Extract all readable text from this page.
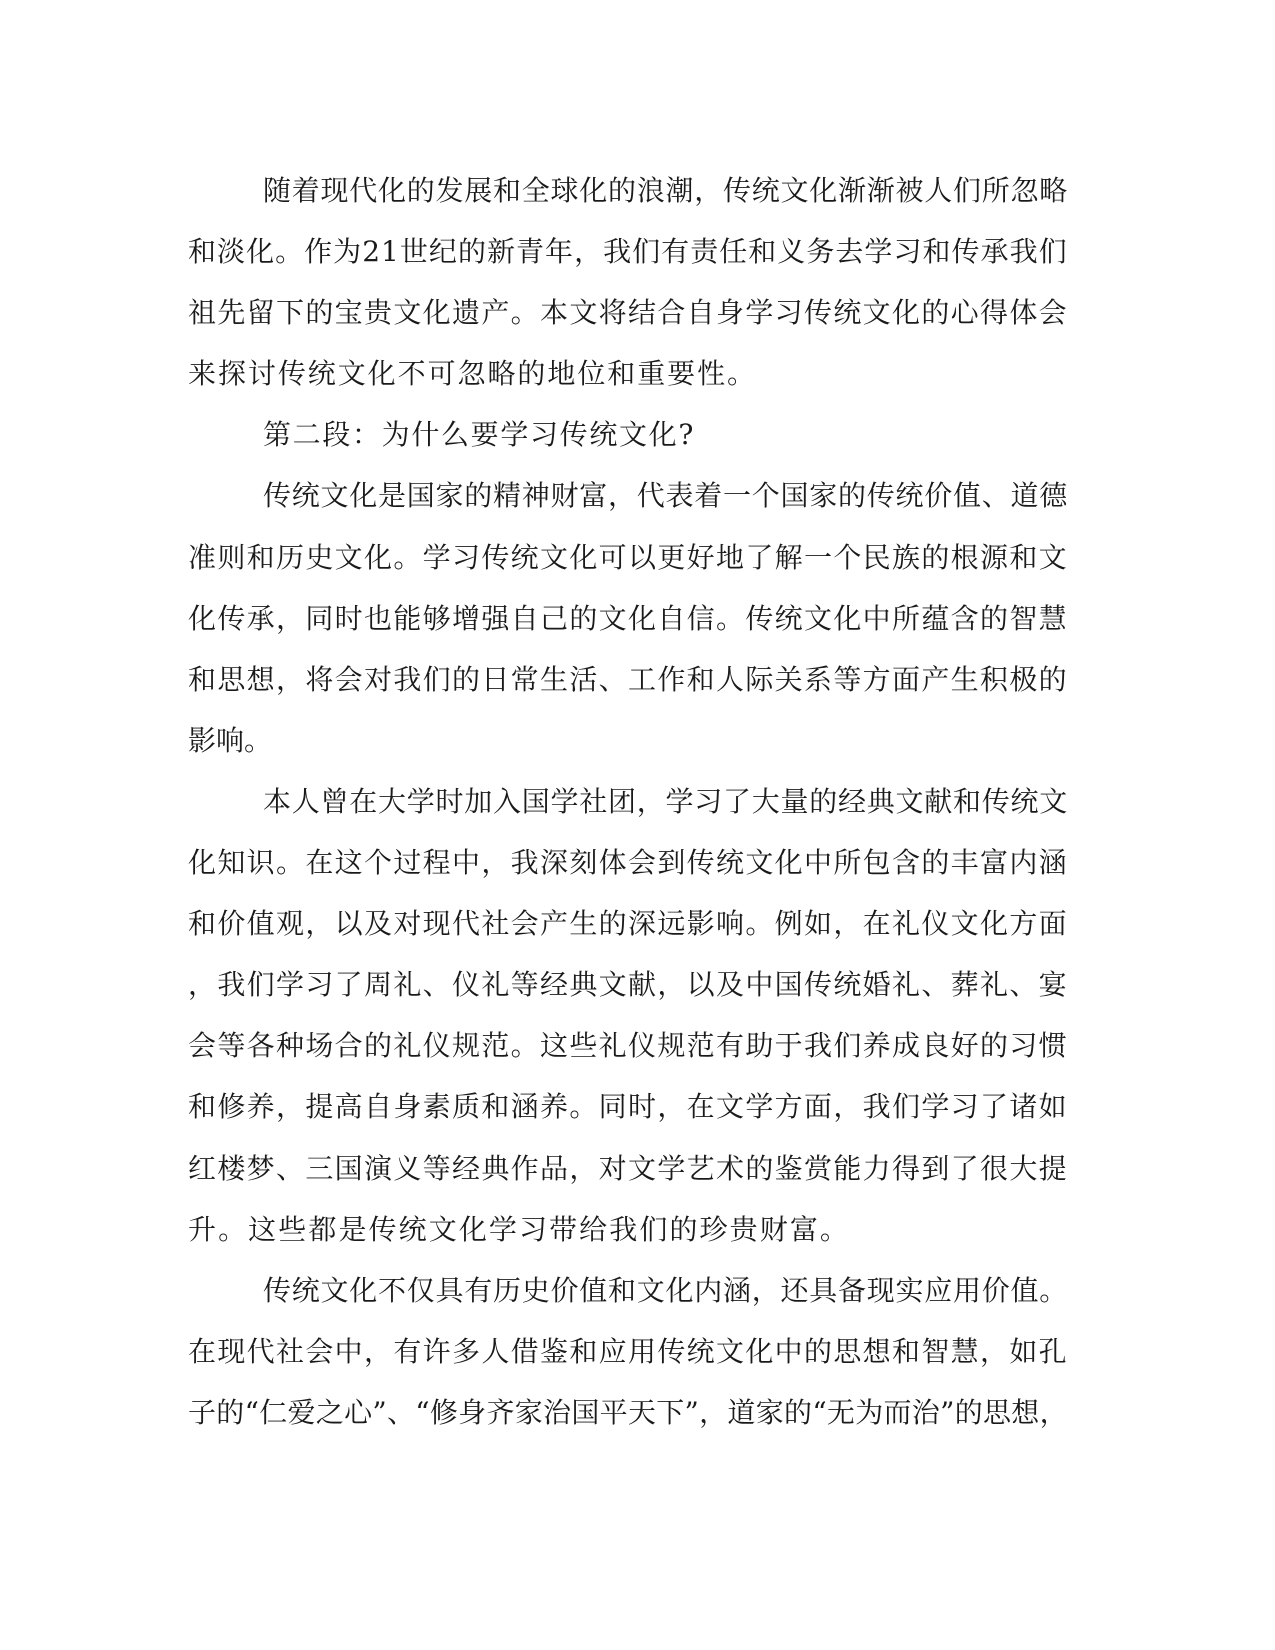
随着现代化的发展和全球化的浪潮，传统文化渐渐被人们所忽略
和淡化。作为21世纪的新青年，我们有责任和义务去学习和传承我们
祖先留下的宝贵文化遗产。本文将结合自身学习传统文化的心得体会
来探讨传统文化不可忽略的地位和重要性。
第二段：为什么要学习传统文化?
传统文化是国家的精神财富，代表着一个国家的传统价值、道德
准则和历史文化。学习传统文化可以更好地了解一个民族的根源和文
化传承，同时也能够增强自己的文化自信。传统文化中所蕴含的智慧
和思想，将会对我们的日常生活、工作和人际关系等方面产生积极的
影响。
本人曾在大学时加入国学社团，学习了大量的经典文献和传统文
化知识。在这个过程中，我深刻体会到传统文化中所包含的丰富内涵
和价值观，以及对现代社会产生的深远影响。例如，在礼仪文化方面
，我们学习了周礼、仪礼等经典文献，以及中国传统婚礼、葬礼、宴
会等各种场合的礼仪规范。这些礼仪规范有助于我们养成良好的习惯
和修养，提高自身素质和涵养。同时，在文学方面，我们学习了诸如
红楼梦、三国演义等经典作品，对文学艺术的鉴赏能力得到了很大提
升。这些都是传统文化学习带给我们的珍贵财富。
传统文化不仅具有历史价值和文化内涵，还具备现实应用价值。
在现代社会中，有许多人借鉴和应用传统文化中的思想和智慧，如孔
子的“仁爱之心”、“修身齐家治国平天下”，道家的“无为而治”的思想，
